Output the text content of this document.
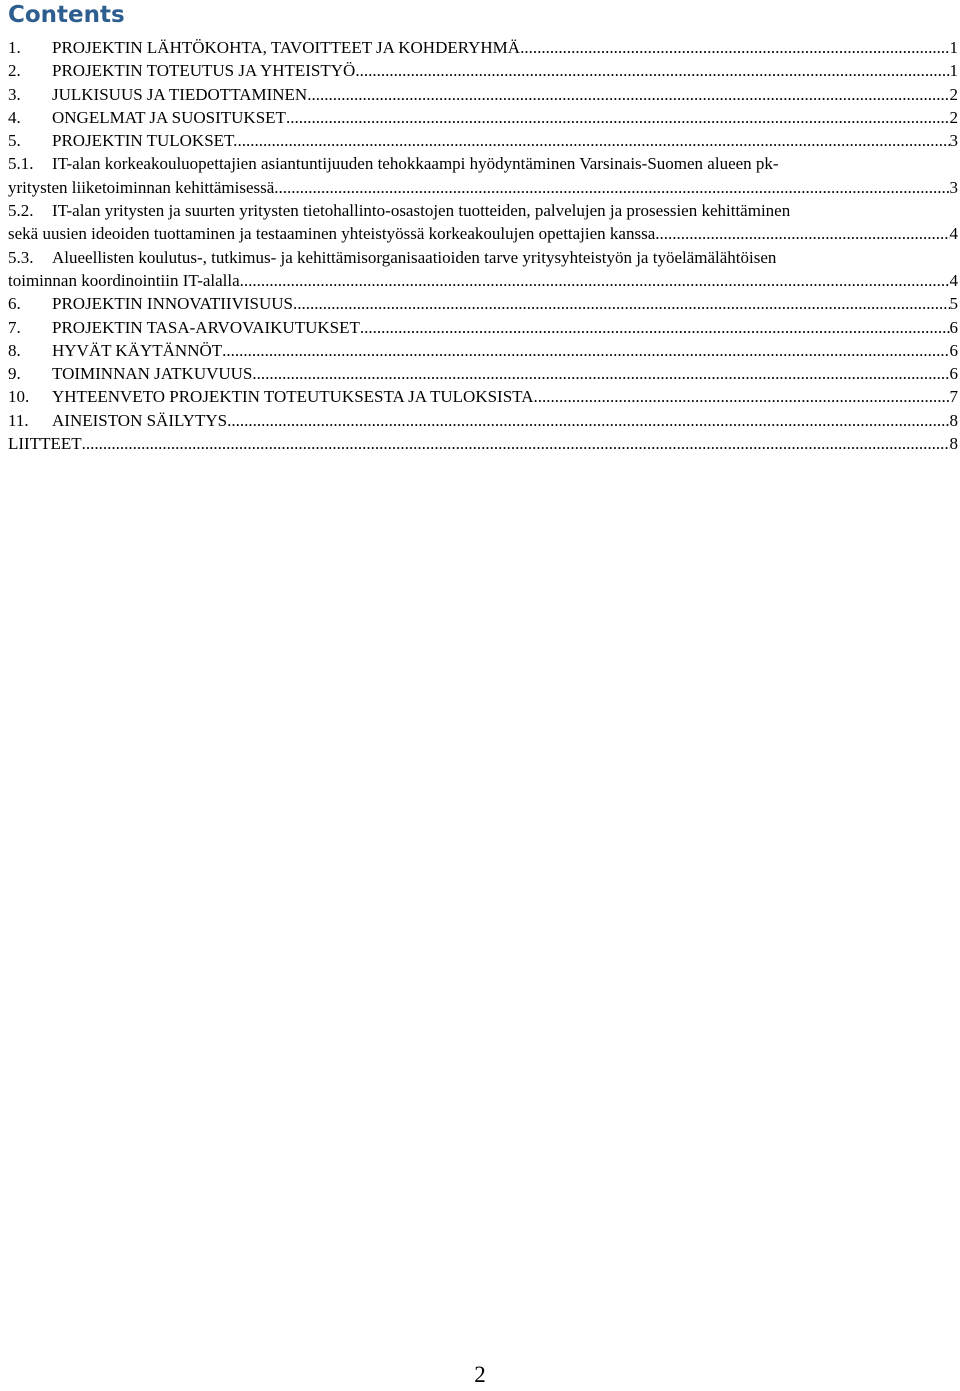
Contents
1. PROJEKTIN LÄHTÖKOHTA, TAVOITTEET JA KOHDERYHMÄ .....	1
2. PROJEKTIN TOTEUTUS JA YHTEISTYÖ .....	1
3. JULKISUUS JA TIEDOTTAMINEN .....	2
4. ONGELMAT JA SUOSITUKSET .....	2
5. PROJEKTIN TULOKSET. .....	3
5.1. IT-alan korkeakouluopettajien asiantuntijuuden tehokkaampi hyödyntäminen Varsinais-Suomen alueen pk-
yritysten liiketoiminnan kehittämisessä. .....	3
5.2. IT-alan yritysten ja suurten yritysten tietohallinto-osastojen tuotteiden, palvelujen ja prosessien kehittäminen
sekä uusien ideoiden tuottaminen ja testaaminen yhteistyössä korkeakoulujen opettajien kanssa. .....	4
5.3. Alueellisten koulutus-, tutkimus- ja kehittämisorganisaatioiden tarve yritysyhteistyön ja työelämälähtöisen
toiminnan koordinointiin IT-alalla .....	4
6. PROJEKTIN INNOVATIIVISUUS .....	5
7. PROJEKTIN TASA-ARVOVAIKUTUKSET .....	6
8. HYVÄT KÄYTÄNNÖT .....	6
9. TOIMINNAN JATKUVUUS .....	6
10. YHTEENVETO PROJEKTIN TOTEUTUKSESTA JA TULOKSISTA .....	7
11. AINEISTON SÄILYTYS .....	8
LIITTEET .....	8
2
